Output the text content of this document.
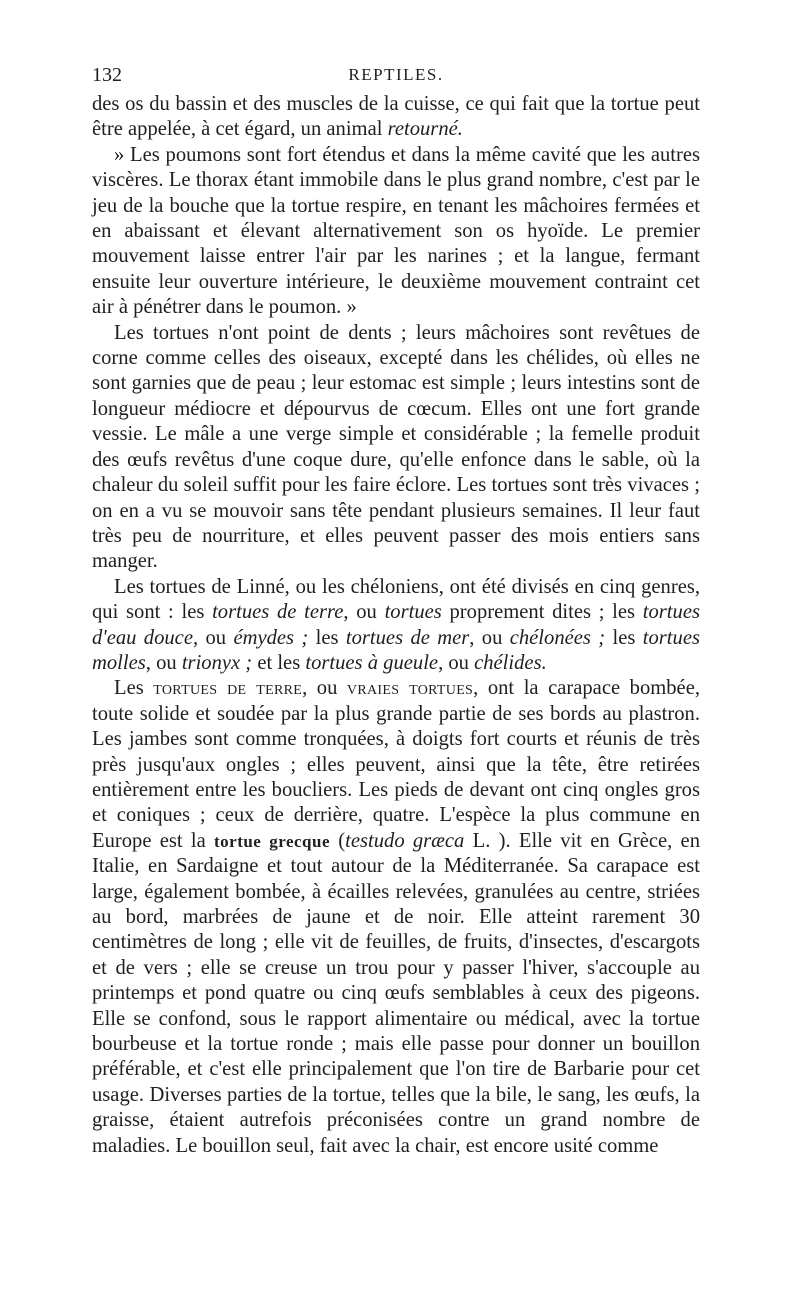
132	REPTILES.

des os du bassin et des muscles de la cuisse, ce qui fait que la tortue peut être appelée, à cet égard, un animal retourné.

» Les poumons sont fort étendus et dans la même cavité que les autres viscères. Le thorax étant immobile dans le plus grand nombre, c'est par le jeu de la bouche que la tortue respire, en tenant les mâchoires fermées et en abaissant et élevant alternativement son os hyoïde. Le premier mouvement laisse entrer l'air par les narines ; et la langue, fermant ensuite leur ouverture intérieure, le deuxième mouvement contraint cet air à pénétrer dans le poumon. »

Les tortues n'ont point de dents ; leurs mâchoires sont revêtues de corne comme celles des oiseaux, excepté dans les chélides, où elles ne sont garnies que de peau ; leur estomac est simple ; leurs intestins sont de longueur médiocre et dépourvus de cœcum. Elles ont une fort grande vessie. Le mâle a une verge simple et considérable ; la femelle produit des œufs revêtus d'une coque dure, qu'elle enfonce dans le sable, où la chaleur du soleil suffit pour les faire éclore. Les tortues sont très vivaces ; on en a vu se mouvoir sans tête pendant plusieurs semaines. Il leur faut très peu de nourriture, et elles peuvent passer des mois entiers sans manger.

Les tortues de Linné, ou les chéloniens, ont été divisés en cinq genres, qui sont : les tortues de terre, ou tortues proprement dites ; les tortues d'eau douce, ou émydes ; les tortues de mer, ou chélonées ; les tortues molles, ou trionyx ; et les tortues à gueule, ou chélides.

Les tortues de terre, ou vraies tortues, ont la carapace bombée, toute solide et soudée par la plus grande partie de ses bords au plastron. Les jambes sont comme tronquées, à doigts fort courts et réunis de très près jusqu'aux ongles ; elles peuvent, ainsi que la tête, être retirées entièrement entre les boucliers. Les pieds de devant ont cinq ongles gros et coniques ; ceux de derrière, quatre. L'espèce la plus commune en Europe est la tortue grecque (testudo græca L. ). Elle vit en Grèce, en Italie, en Sardaigne et tout autour de la Méditerranée. Sa carapace est large, également bombée, à écailles relevées, granulées au centre, striées au bord, marbrées de jaune et de noir. Elle atteint rarement 30 centimètres de long ; elle vit de feuilles, de fruits, d'insectes, d'escargots et de vers ; elle se creuse un trou pour y passer l'hiver, s'accouple au printemps et pond quatre ou cinq œufs semblables à ceux des pigeons. Elle se confond, sous le rapport alimentaire ou médical, avec la tortue bourbeuse et la tortue ronde ; mais elle passe pour donner un bouillon préférable, et c'est elle principalement que l'on tire de Barbarie pour cet usage. Diverses parties de la tortue, telles que la bile, le sang, les œufs, la graisse, étaient autrefois préconisées contre un grand nombre de maladies. Le bouillon seul, fait avec la chair, est encore usité comme
